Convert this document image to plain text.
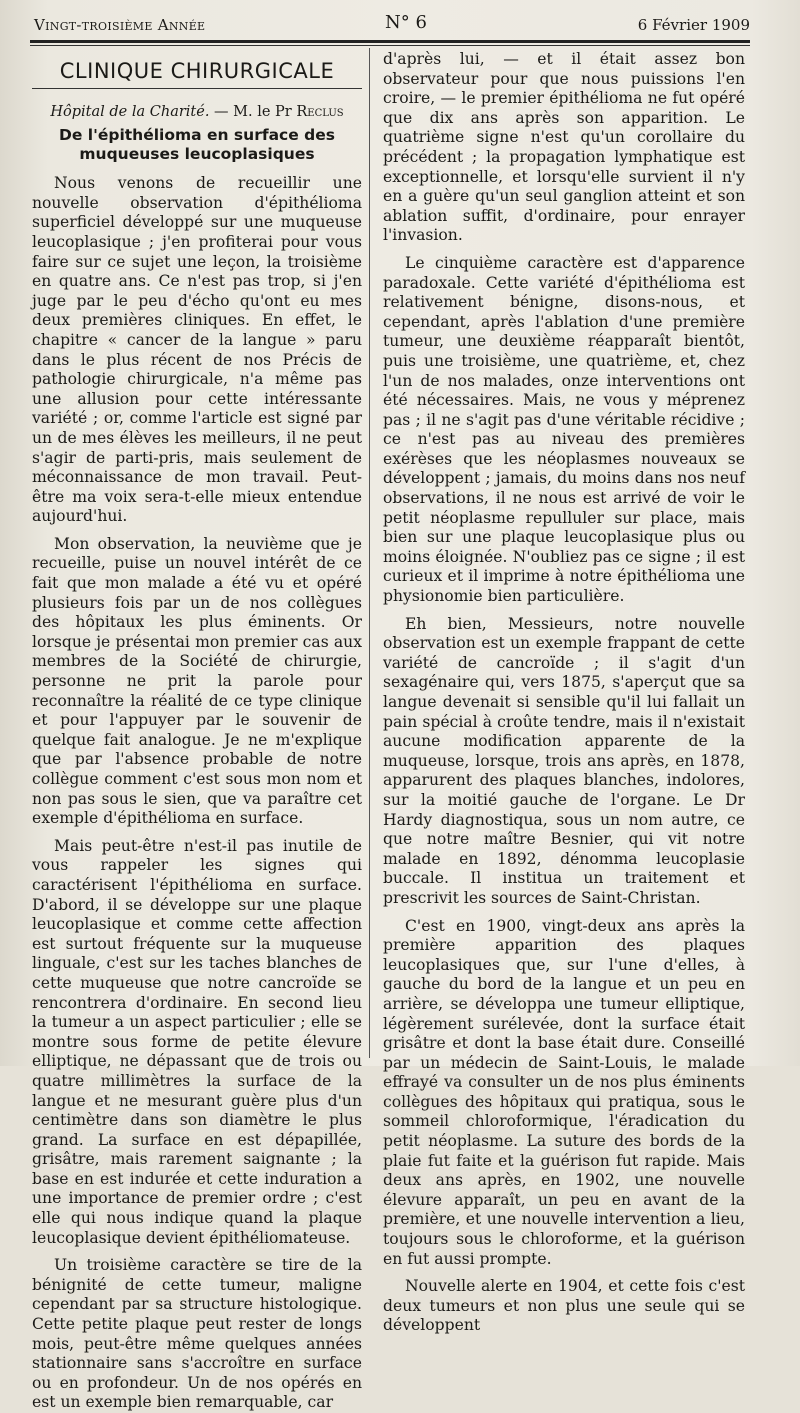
Vingt-troisième Année	N° 6	6 Février 1909
CLINIQUE CHIRURGICALE
Hôpital de la Charité. — M. le Pr Reclus
De l'épithélioma en surface des muqueuses leucoplasiques

Nous venons de recueillir une nouvelle observation d'épithélioma superficiel développé sur une muqueuse leucoplasique ; j'en profiterai pour vous faire sur ce sujet une leçon, la troisième en quatre ans. Ce n'est pas trop, si j'en juge par le peu d'écho qu'ont eu mes deux premières cliniques. En effet, le chapitre « cancer de la langue » paru dans le plus récent de nos Précis de pathologie chirurgicale, n'a même pas une allusion pour cette intéressante variété ; or, comme l'article est signé par un de mes élèves les meilleurs, il ne peut s'agir de parti-pris, mais seulement de méconnaissance de mon travail. Peut-être ma voix sera-t-elle mieux entendue aujourd'hui.

Mon observation, la neuvième que je recueille, puise un nouvel intérêt de ce fait que mon malade a été vu et opéré plusieurs fois par un de nos collègues des hôpitaux les plus éminents. Or lorsque je présentai mon premier cas aux membres de la Société de chirurgie, personne ne prit la parole pour reconnaître la réalité de ce type clinique et pour l'appuyer par le souvenir de quelque fait analogue. Je ne m'explique que par l'absence probable de notre collègue comment c'est sous mon nom et non pas sous le sien, que va paraître cet exemple d'épithélioma en surface.

Mais peut-être n'est-il pas inutile de vous rappeler les signes qui caractérisent l'épithélioma en surface. D'abord, il se développe sur une plaque leucoplasique et comme cette affection est surtout fréquente sur la muqueuse linguale, c'est sur les taches blanches de cette muqueuse que notre cancroïde se rencontrera d'ordinaire. En second lieu la tumeur a un aspect particulier ; elle se montre sous forme de petite élevure elliptique, ne dépassant que de trois ou quatre millimètres la surface de la langue et ne mesurant guère plus d'un centimètre dans son diamètre le plus grand. La surface en est dépapillée, grisâtre, mais rarement saignante ; la base en est indurée et cette induration a une importance de premier ordre ; c'est elle qui nous indique quand la plaque leucoplasique devient épithéliomateuse.

Un troisième caractère se tire de la bénignité de cette tumeur, maligne cependant par sa structure histologique. Cette petite plaque peut rester de longs mois, peut-être même quelques années stationnaire sans s'accroître en surface ou en profondeur. Un de nos opérés en est un exemple bien remarquable, car

d'après lui, — et il était assez bon observateur pour que nous puissions l'en croire, — le premier épithélioma ne fut opéré que dix ans après son apparition. Le quatrième signe n'est qu'un corollaire du précédent ; la propagation lymphatique est exceptionnelle, et lorsqu'elle survient il n'y en a guère qu'un seul ganglion atteint et son ablation suffit, d'ordinaire, pour enrayer l'invasion.

Le cinquième caractère est d'apparence paradoxale. Cette variété d'épithélioma est relativement bénigne, disons-nous, et cependant, après l'ablation d'une première tumeur, une deuxième réapparaît bientôt, puis une troisième, une quatrième, et, chez l'un de nos malades, onze interventions ont été nécessaires. Mais, ne vous y méprenez pas ; il ne s'agit pas d'une véritable récidive ; ce n'est pas au niveau des premières exérèses que les néoplasmes nouveaux se développent ; jamais, du moins dans nos neuf observations, il ne nous est arrivé de voir le petit néoplasme repulluler sur place, mais bien sur une plaque leucoplasique plus ou moins éloignée. N'oubliez pas ce signe ; il est curieux et il imprime à notre épithélioma une physionomie bien particulière.

Eh bien, Messieurs, notre nouvelle observation est un exemple frappant de cette variété de cancroïde ; il s'agit d'un sexagénaire qui, vers 1875, s'aperçut que sa langue devenait si sensible qu'il lui fallait un pain spécial à croûte tendre, mais il n'existait aucune modification apparente de la muqueuse, lorsque, trois ans après, en 1878, apparurent des plaques blanches, indolores, sur la moitié gauche de l'organe. Le Dr Hardy diagnostiqua, sous un nom autre, ce que notre maître Besnier, qui vit notre malade en 1892, dénomma leucoplasie buccale. Il institua un traitement et prescrivit les sources de Saint-Christan.

C'est en 1900, vingt-deux ans après la première apparition des plaques leucoplasiques que, sur l'une d'elles, à gauche du bord de la langue et un peu en arrière, se développa une tumeur elliptique, légèrement surélevée, dont la surface était grisâtre et dont la base était dure. Conseillé par un médecin de Saint-Louis, le malade effrayé va consulter un de nos plus éminents collègues des hôpitaux qui pratiqua, sous le sommeil chloroformique, l'éradication du petit néoplasme. La suture des bords de la plaie fut faite et la guérison fut rapide. Mais deux ans après, en 1902, une nouvelle élevure apparaît, un peu en avant de la première, et une nouvelle intervention a lieu, toujours sous le chloroforme, et la guérison en fut aussi prompte.

Nouvelle alerte en 1904, et cette fois c'est deux tumeurs et non plus une seule qui se développent
